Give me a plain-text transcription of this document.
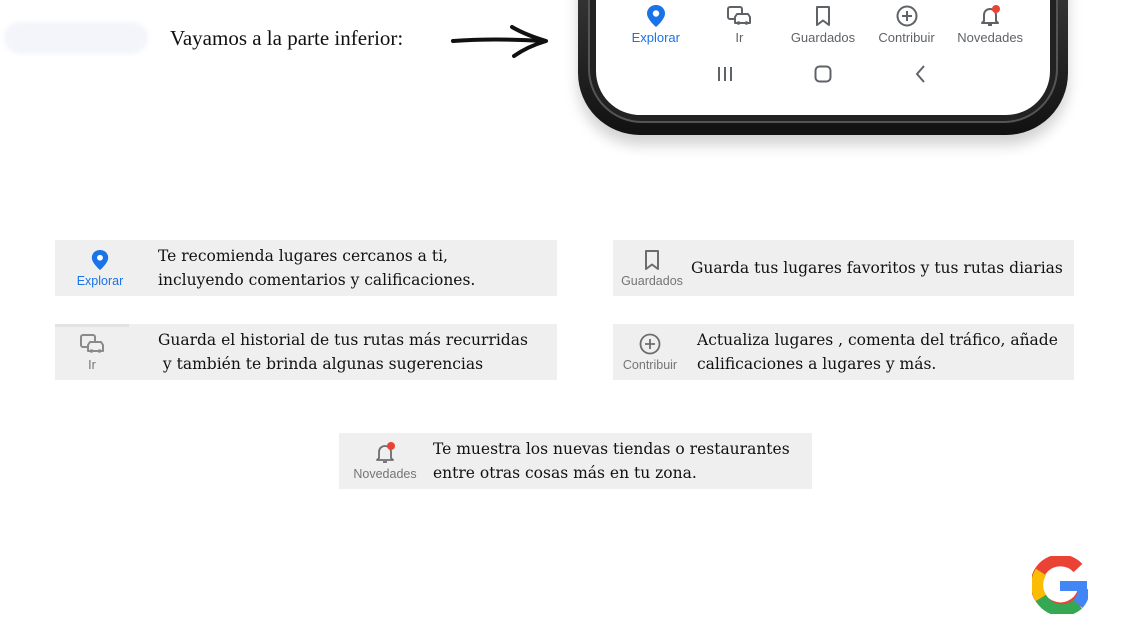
Vayamos a la parte inferior:	Explorar	Ir	Guardados Contribuir Novedades
Explorar
Te recomienda lugares cercanos a ti,
incluyendo comentarios y calificaciones.	Guardados
Guarda tus lugares favoritos y tus rutas diarias
Ir
Guarda el historial de tus rutas más recurridas
y también te brinda algunas sugerencias	Contribuir
Actualiza lugares , comenta del tráfico, añade
calificaciones a lugares y más.
Novedades
Te muestra los nuevas tiendas o restaurantes
entre otras cosas más en tu zona.
